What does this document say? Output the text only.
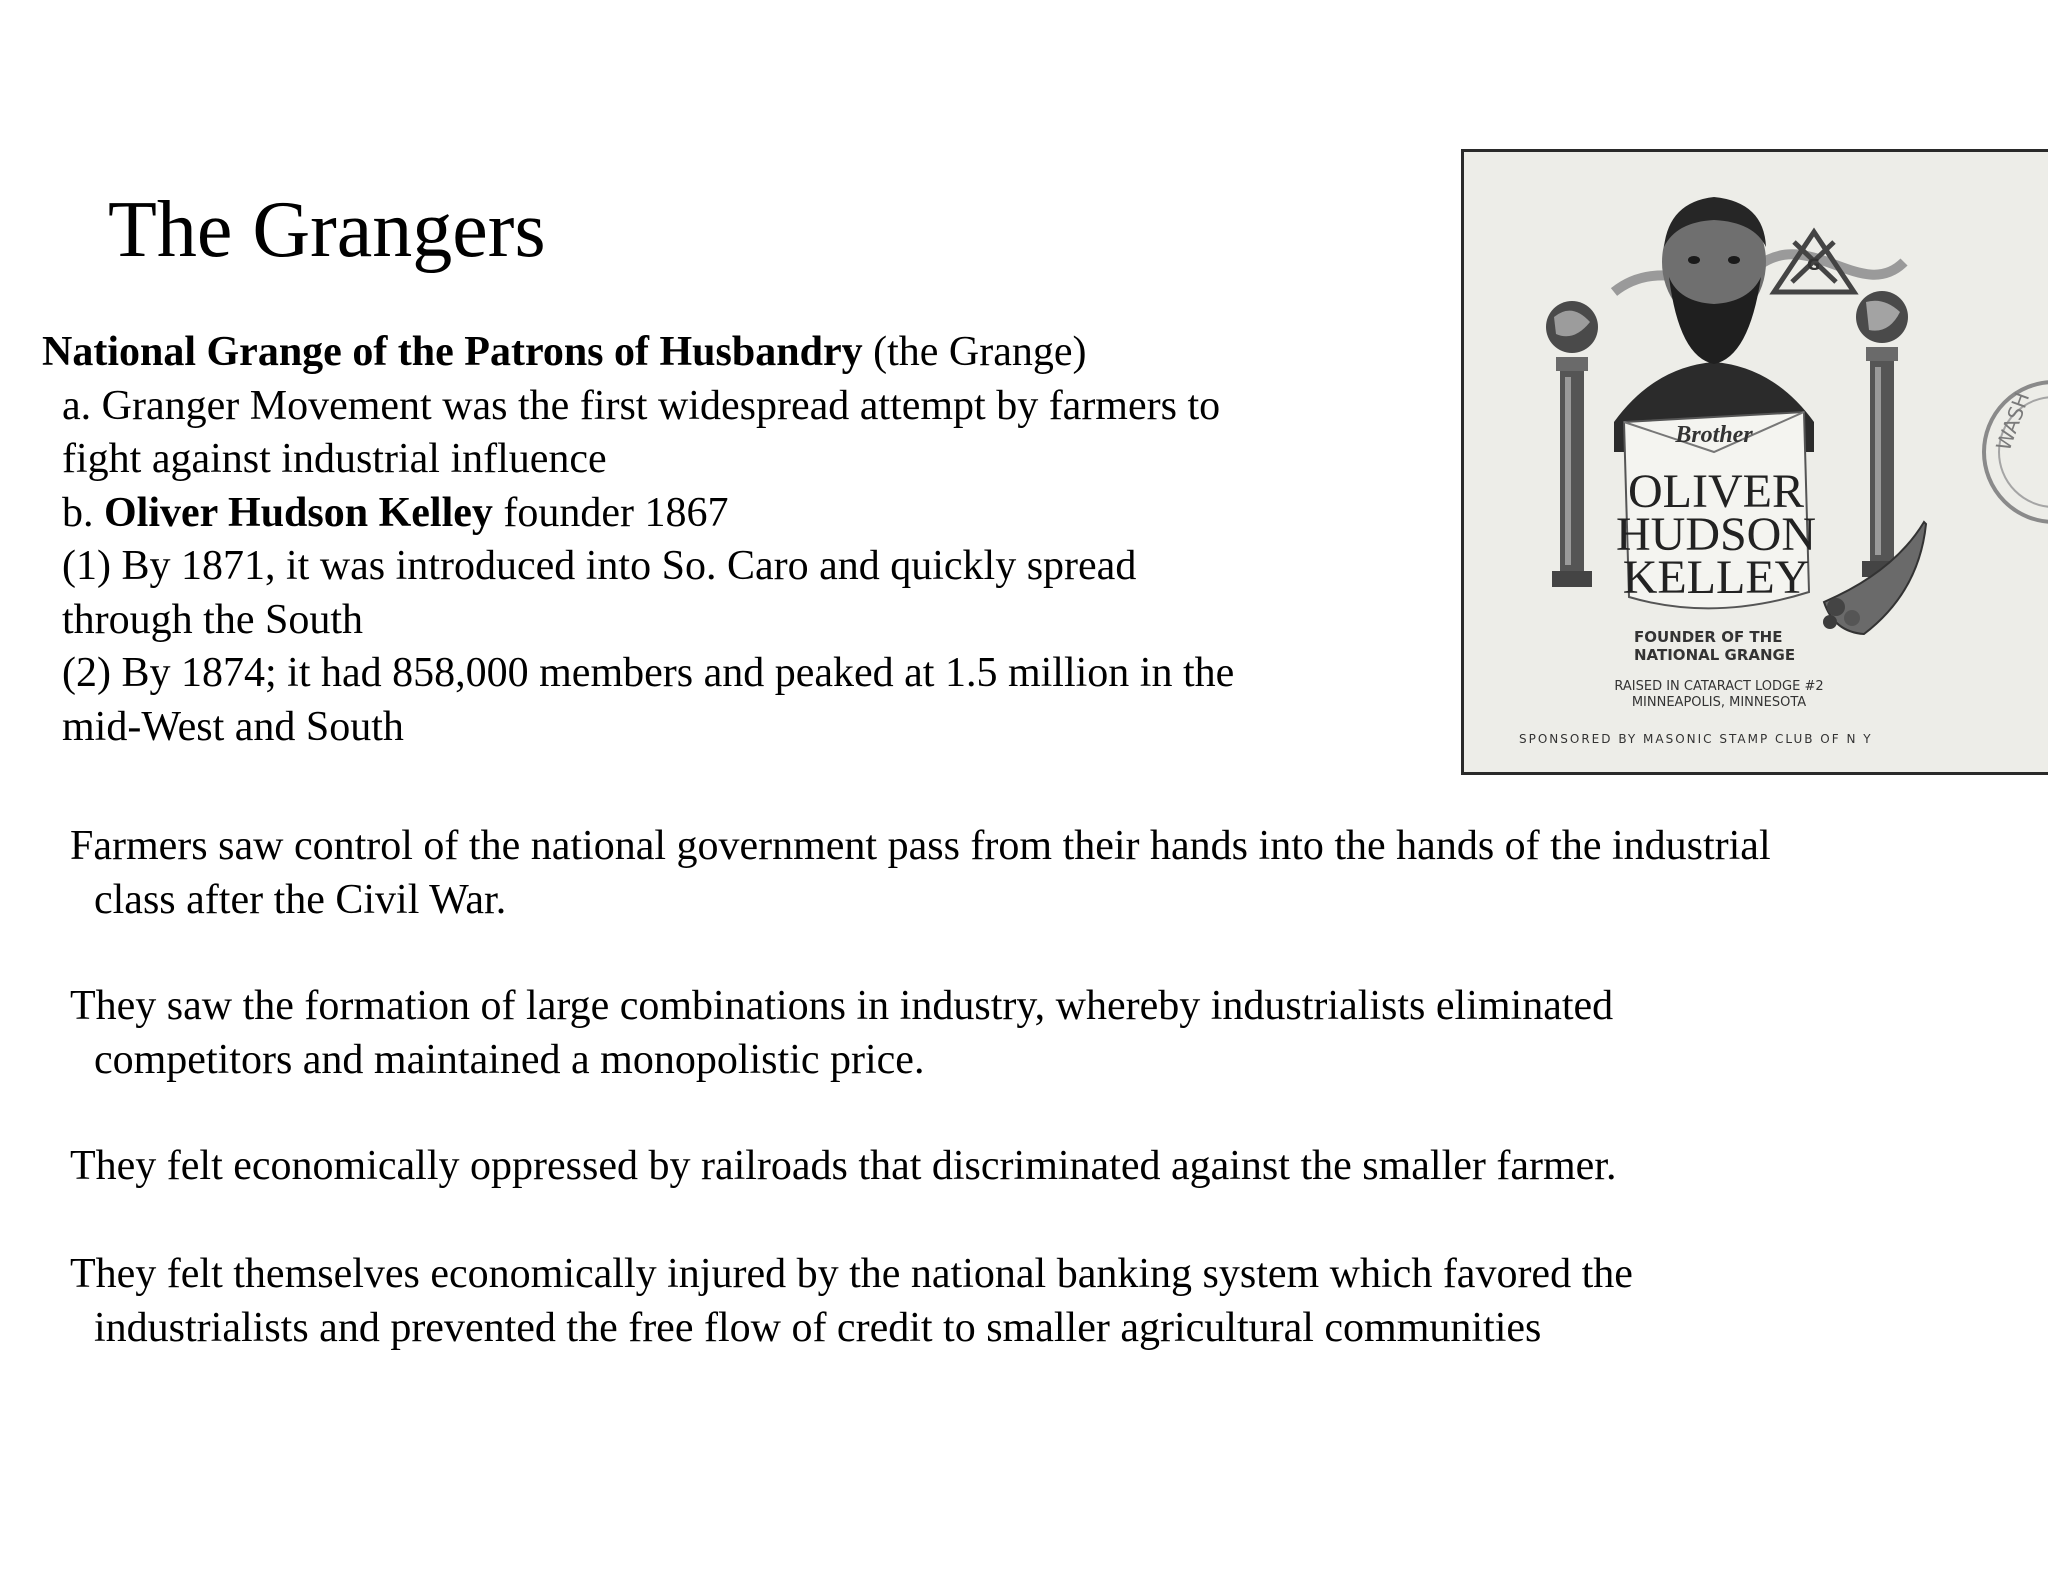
The Grangers
National Grange of the Patrons of Husbandry (the Grange)
a. Granger Movement was the first widespread attempt by farmers to
fight against industrial influence
b. Oliver Hudson Kelley founder 1867
(1) By 1871, it was introduced into So. Caro and quickly spread
through the South
(2) By 1874; it had 858,000 members and peaked at 1.5 million in the
mid-West and South
WASH
G
Brother
OLIVER
HUDSON
KELLEY
FOUNDER OF THE
NATIONAL GRANGE
RAISED IN CATARACT LODGE #2
MINNEAPOLIS, MINNESOTA
SPONSORED BY MASONIC STAMP CLUB OF N Y
Farmers saw control of the national government pass from their hands into the hands of the industrial
class after the Civil War.
They saw the formation of large combinations in industry, whereby industrialists eliminated
competitors and maintained a monopolistic price.
They felt economically oppressed by railroads that discriminated against the smaller farmer.
They felt themselves economically injured by the national banking system which favored the
industrialists and prevented the free flow of credit to smaller agricultural communities
